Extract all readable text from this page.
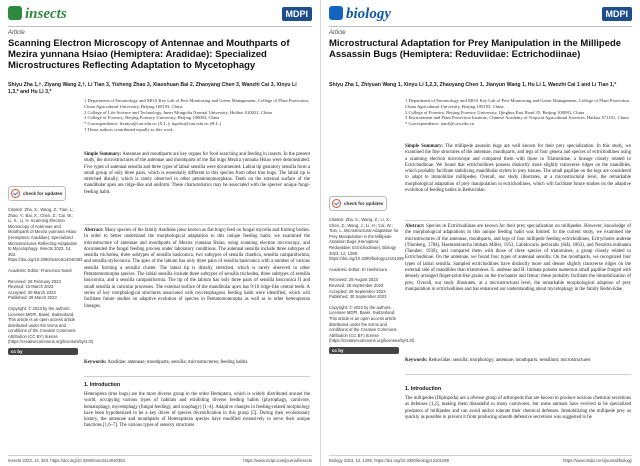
insects	MDPI
Article
Scanning Electron Microscopy of Antennae and Mouthparts of Mezira yunnana Hsiao (Hemiptera: Aradidae): Specialized Microstructures Reflecting Adaptation to Mycetophagy
Shiyu Zha 1,†, Ziyang Wang 2,†, Li Tian 3, Yisheng Zhao 3, Xiaoshuan Bai 2, Zhaoyang Chen 3, Wanzhi Cai 3, Xinyu Li 1,3,* and Hu Li 3,*
1 Department of Entomology and MOA Key Lab of Pest Monitoring and Green Management, College of Plant Protection, China Agricultural University, Beijing 100193, China
2 College of Life Science and Technology, Inner Mongolia Normal University, Hohhot 010022, China
3 College of Forestry, Beijing Forestry University, Beijing 100083, China
* Correspondence: lixinyu@cau.edu.cn (X.L.); tigerhu@cau.edu.cn (H.L.)
† These authors contributed equally to this work.

Simple Summary: Antennae and mouthparts are key organs for food searching and feeding in insects. In the present study, the microstructures of the antennae and mouthparts of the flat bugs Mezira yunnana Hsiao were demonstrated. Five types of antennal sensilla and three types of labial sensilla were documented. Labial tip gustatory sensilla form a small group of only three pairs, which is essentially different in this species from other true bugs. The labial tip is stretched distally, which is rarely observed in other pentatomomorphans. Teeth on the external surface of the mandibular apex are ridge-like and uniform. These characteristics may be associated with the species' unique fungi-feeding habit.

Abstract: Many species of the family Aradidae (also known as flat bugs) feed on fungal mycelia and fruiting bodies. In order to better understand the morphological adaptation to this unique feeding habit, we examined the microstructure of antennae and mouthparts of Mezira yunnana Hsiao, using scanning electron microscopy, and documented the fungal feeding process under laboratory conditions. The antennal sensilla include three subtypes of sensilla trichodea, three subtypes of sensilla basiconica, two subtypes of sensilla chaetica, sensilla campaniformia, and sensilla styloconica. The apex of the labium has only three pairs of sensilla basiconica with a number of various sensilla forming a sensilla cluster. The labial tip is distally stretched, which is rarely observed in other Pentatomomorpha species. The labial sensilla include three subtypes of sensilla trichodea, three subtypes of sensilla basiconica, and a sensilla campaniformia. The tip of the labium has only three pairs of sensilla basiconica II and small sensilla in cuticular processes. The external surface of the mandibular apex has 9-10 ridge-like central teeth. A series of key morphological structures associated with mycetophagous feeding habit were identified, which will facilitate future studies on adaptive evolution of species in Pentatomomorpha as well as in other heteropteran lineages.

Keywords: Aradidae; antennae; mouthparts; sensilla; microstructures; feeding habits

check for updates
Citation: Zha, S.; Wang, Z.; Tian, L.; Zhao, Y.; Bai, X.; Chen, Z.; Cai, W.; Li, X.; Li, H. Scanning Electron Microscopy of Antennae and Mouthparts of Mezira yunnana Hsiao (Hemiptera: Aradidae): Specialized Microstructures Reflecting Adaptation to Mycetophagy. Insects 2023, 14, 353. https://doi.org/10.3390/insects14040353
Academic Editor: Francesco Nardi
Received: 28 February 2023
Revised: 23 March 2023
Accepted: 30 March 2023
Published: 29 March 2023
Copyright: © 2023 by the authors. Licensee MDPI, Basel, Switzerland. This article is an open access article distributed under the terms and conditions of the Creative Commons Attribution (CC BY) license (https://creativecommons.org/licenses/by/4.0/).
cc by
1. Introduction

Heteroptera (true bugs) are the most diverse group in the order Hemiptera, which is widely distributed around the world, occupying various types of habitats and exhibiting diverse feeding habits (phytophagy, carnivore, hematophagy, mycetophagy (fungal feeding), and zoophagy) [1–4]. Adaptive changes in feeding-related morphology have been hypothesized to be a key driver of species diversification in this group [5]. During their evolutionary history, the antennae and mouthparts of Heteropteran species have modified extensively to serve their unique functions [1,6–7]. The various types of sensory structures

Insects 2023, 14, 353. https://doi.org/10.3390/insects14040353	https://www.mdpi.com/journal/insects
biology	MDPI
Article
Microstructural Adaptation for Prey Manipulation in the Millipede Assassin Bugs (Hemiptera: Reduviidae: Ectrichodiinae)
Shiyu Zha 1, Zhiyuan Wang 1, Xinyu Li 1,2,3, Zhaoyang Chen 1, Jianyun Wang 1, Hu Li 1, Wanzhi Cai 1 and Li Tian 1,*
1 Department of Entomology and MOA Key Lab of Pest Monitoring and Green Management, College of Plant Protection, China Agricultural University, Beijing 100193, China
2 College of Forestry, Beijing Forestry University, Qinghua East Road 35, Beijing 100083, China
3 Environment and Plant Protection Institute, Chinese Academy of Tropical Agricultural Sciences, Haikou 571101, China
* Correspondence: tianli@cau.edu.cn

Simple Summary: The millipede assassin bugs are well known for their prey specialization. In this study, we examined the fine structures of the antennae, mouthparts, and legs of four genera and species of ectrichodiines using a scanning electron microscope and compared them with those in Triatomidae, a lineage closely related to Ectrichodiinae. We found that ectrichodiines possess distinctly more slightly transverse ridges on the mandibles, which probably facilitate stabilizing mandibular stylets in prey tissues. The small papillae on the legs are considered to adapt to immobilize millipedes. Overall, our study illustrates, at a microstructural level, the remarkable morphological adaptation of prey manipulation in ectrichodiines, which will facilitate future studies on the adaptive evolution of feeding habits in Reduviidae.

Abstract: Species in Ectrichodiinae are known for their prey specialization on millipedes. However, knowledge of the morphological adaptations to this unique feeding habit was limited. In the current study, we examined the microstructures of the antennae, mouthparts, and legs of four millipede feeding ectrichodiines, Ectrychotes andreae (Thunberg, 1784), Haematoloecha limbata Miller, 1953, Labidocoris pectoralis (Stål, 1863), and Neozirta eidmanni (Taeuber, 1930), and compared them with those of three species of triatomines, a group closely related to Ectrichodiinae. On the antennae, we found four types of antennal sensilla. On the mouthparts, we recognized four types of labial sensilla. Sampled ectrichodiines have distinctly more and denser slightly transverse ridges on the external side of mandibles than triatomines. E. andreae and H. limbata possess numerous small papillae fringed with densely arranged finger-print-like grains on the trochanter and femur; these probably facilitate the immobilization of prey. Overall, our study illustrates, at a microstructural level, the remarkable morphological adaption of prey manipulation in ectrichodiines and has enhanced our understanding about mycetophagy in the family Reduviidae.

Keywords: Reduviidae; sensilla; morphology; antennae; mouthparts; sensillum; microstructures

check for updates
Citation: Zha, S.; Wang, Z.; Li, X.; Chen, Z.; Wang, J.; Li, H.; Cai, W.; Tian, L. Microstructural Adaptation for Prey Manipulation in the Millipede Assassin Bugs (Hemiptera: Reduviidae: Ectrichodiinae). Biology 2023, 12, 1299. https://doi.org/10.3390/biology12101299
Academic Editor: Ei Hoshimura
Received: 29 August 2023
Revised: 25 September 2023
Accepted: 28 September 2023
Published: 30 September 2023
Copyright: © 2023 by the authors. Licensee MDPI, Basel, Switzerland. This article is an open access article distributed under the terms and conditions of the Creative Commons Attribution (CC BY) license (https://creativecommons.org/licenses/by/4.0/).
cc by
1. Introduction

The millipedes (Diplopoda) are a diverse group of arthropods that are known to produce noxious chemical secretions as defenses [1,2], making them distasteful to many carnivores, but some animals have evolved to be specialized predators of millipedes and can avoid and/or tolerate their chemical defenses. Immobilizing the millipede prey as quickly as possible to prevent it from producing smooth defensive secretions was suggested to be

Biology 2023, 12, 1299. https://doi.org/10.3390/biology12101299	https://www.mdpi.com/journal/biology
